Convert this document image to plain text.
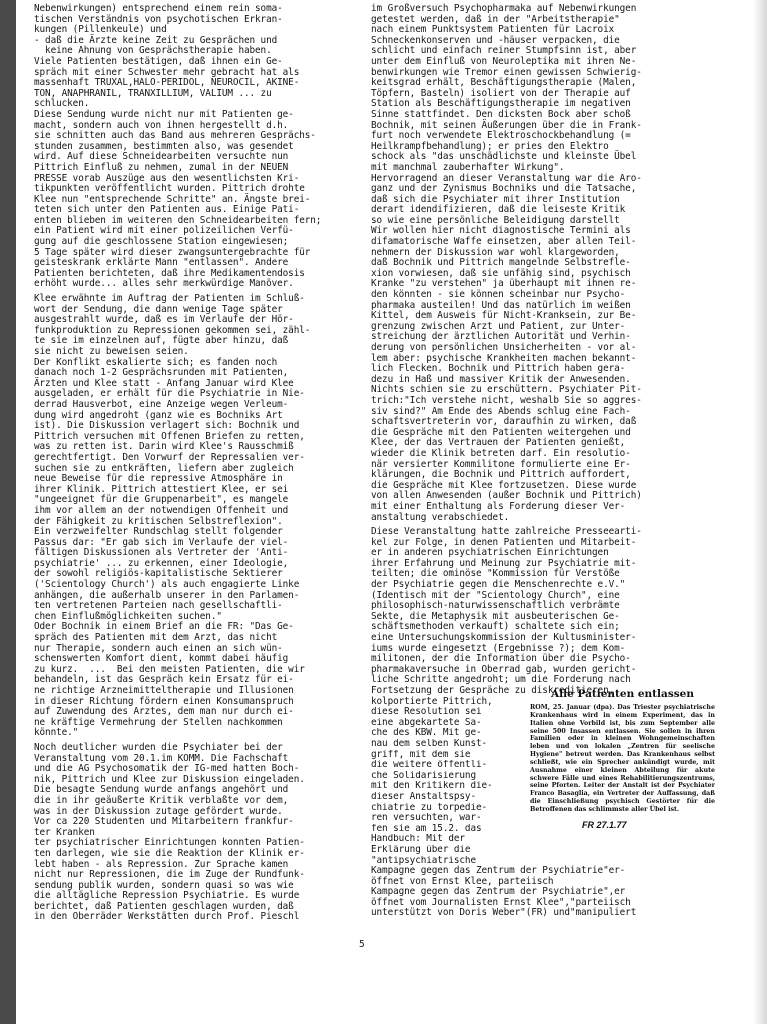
Nebenwirkungen) entsprechend einem rein soma-
tischen Verständnis von psychotischen Erkran-
kungen (Pillenkeule) und
- daß die Ärzte keine Zeit zu Gesprächen und
keine Ahnung von Gesprächstherapie haben.
Viele Patienten bestätigen, daß ihnen ein Ge-
spräch mit einer Schwester mehr gebracht hat als
massenhaft TRUXAL,HALO-PERIDOL, NEUROCIL, AKINE-
TON, ANAPHRANIL, TRANXILLIUM, VALIUM ... zu
schlucken.
Diese Sendung wurde nicht nur mit Patienten ge-
macht, sondern auch von ihnen hergestellt d.h.
sie schnitten auch das Band aus mehreren Gesprächs-
stunden zusammen, bestimmten also, was gesendet
wird. Auf diese Schneidearbeiten versuchte nun
Pittrich Einfluß zu nehmen, zumal in der NEUEN
PRESSE vorab Auszüge aus den wesentlichsten Kri-
tikpunkten veröffentlicht wurden. Pittrich drohte
Klee nun "entsprechende Schritte" an. Ängste brei-
teten sich unter den Patienten aus. Einige Pati-
enten blieben im weiteren den Schneidearbeiten fern;
ein Patient wird mit einer polizeilichen Verfü-
gung auf die geschlossene Station eingewiesen;
5 Tage später wird dieser zwangsuntergebrachte für
geisteskrank erklärte Mann "entlassen". Andere
Patienten berichteten, daß ihre Medikamentendosis
erhöht wurde... alles sehr merkwürdige Manöver.
Klee erwähnte im Auftrag der Patienten im Schluß-
wort der Sendung, die dann wenige Tage später
ausgestrahlt wurde, daß es im Verlaufe der Hör-
funkproduktion zu Repressionen gekommen sei, zähl-
te sie im einzelnen auf, fügte aber hinzu, daß
sie nicht zu beweisen seien.
Der Konflikt eskalierte sich; es fanden noch
danach noch 1-2 Gesprächsrunden mit Patienten,
Ärzten und Klee statt - Anfang Januar wird Klee
ausgeladen, er erhält für die Psychiatrie in Nie-
derrad Hausverbot, eine Anzeige wegen Verleum-
dung wird angedroht (ganz wie es Bochniks Art
ist). Die Diskussion verlagert sich: Bochnik und
Pittrich versuchen mit Offenen Briefen zu retten,
was zu retten ist. Darin wird Klee's Rausschmiß
gerechtfertigt. Den Vorwurf der Repressalien ver-
suchen sie zu entkräften, liefern aber zugleich
neue Beweise für die repressive Atmosphäre in
ihrer Klinik. Pittrich attestiert Klee, er sei
"ungeeignet für die Gruppenarbeit", es mangele
ihm vor allem an der notwendigen Offenheit und
der Fähigkeit zu kritischen Selbstreflexion".
Ein verzweifelter Rundschlag stellt folgender
Passus dar: "Er gab sich im Verlaufe der viel-
fältigen Diskussionen als Vertreter der 'Anti-
psychiatrie' ... zu erkennen, einer Ideologie,
der sowohl religiös-kapitalistische Sektierer
('Scientology Church') als auch engagierte Linke
anhängen, die außerhalb unserer in den Parlamen-
ten vertretenen Parteien nach gesellschaftli-
chen Einflußmöglichkeiten suchen."
Oder Bochnik in einem Brief an die FR: "Das Ge-
spräch des Patienten mit dem Arzt, das nicht
nur Therapie, sondern auch einen an sich wün-
schenswerten Komfort dient, kommt dabei häufig
zu kurz.  ...  Bei den meisten Patienten, die wir
behandeln, ist das Gespräch kein Ersatz für ei-
ne richtige Arzneimitteltherapie und Illusionen
in dieser Richtung fördern einen Konsumanspruch
auf Zuwendung des Arztes, dem man nur durch ei-
ne kräftige Vermehrung der Stellen nachkommen
könnte."
Noch deutlicher wurden die Psychiater bei der
Veranstaltung vom 20.1.im KOMM. Die Fachschaft
und die AG Psychosomatik der IG-med hatten Boch-
nik, Pittrich und Klee zur Diskussion eingeladen.
Die besagte Sendung wurde anfangs angehört und
die in ihr geäußerte Kritik verblaßte vor dem,
was in der Diskussion zutage gefördert wurde.
Vor ca 220 Studenten und Mitarbeitern frankfur-
ter Kranken
ter psychiatrischer Einrichtungen konnten Patien-
ten darlegen, wie sie die Reaktion der Klinik er-
lebt haben - als Repression. Zur Sprache kamen
nicht nur Repressionen, die im Zuge der Rundfunk-
sendung publik wurden, sondern quasi so was wie
die alltägliche Repression Psychiatrie. Es wurde
berichtet, daß Patienten geschlagen wurden, daß
in den Oberräder Werkstätten durch Prof. Pieschl
im Großversuch Psychopharmaka auf Nebenwirkungen
getestet werden, daß in der "Arbeitstherapie"
nach einem Punktsystem Patienten für Lacroix
Schneckenkonserven und -häuser verpacken, die
schlicht und einfach reiner Stumpfsinn ist, aber
unter dem Einfluß von Neuroleptika mit ihren Ne-
benwirkungen wie Tremor einen gewissen Schwierig-
keitsgrad erhält, Beschäftigungstherapie (Malen,
Töpfern, Basteln) isoliert von der Therapie auf
Station als Beschäftigungstherapie im negativen
Sinne stattfindet. Den dicksten Bock aber schoß
Bochnik, mit seinen Äußerungen über die in Frank-
furt noch verwendete Elektroschockbehandlung (=
Heilkrampfbehandlung); er pries den Elektro
schock als "das unschädlichste und kleinste Übel
mit manchmal zauberhafter Wirkung".
Hervorragend an dieser Veranstaltung war die Aro-
ganz und der Zynismus Bochniks und die Tatsache,
daß sich die Psychiater mit ihrer Institution
derart idendifizieren, daß die leiseste Kritik
so wie eine persönliche Beleidigung darstellt
Wir wollen hier nicht diagnostische Termini als
difamatorische Waffe einsetzen, aber allen Teil-
nehmern der Diskussion war wohl klargeworden,
daß Bochnik und Pittrich mangelnde Selbstrefle-
xion vorwiesen, daß sie unfähig sind, psychisch
Kranke "zu verstehen" ja überhaupt mit ihnen re-
den könnten - sie können scheinbar nur Psycho-
pharmaka austeilen! Und das natürlich im weißen
Kittel, dem Ausweis für Nicht-Kranksein, zur Be-
grenzung zwischen Arzt und Patient, zur Unter-
streichung der ärztlichen Autorität und Verhin-
derung von persönlichen Unsicherheiten - vor al-
lem aber: psychische Krankheiten machen bekannt-
lich Flecken. Bochnik und Pittrich haben gera-
dezu in Haß und massiver Kritik der Anwesenden.
Nichts schien sie zu erschüttern. Psychiater Pit-
trich:"Ich verstehe nicht, weshalb Sie so aggres-
siv sind?" Am Ende des Abends schlug eine Fach-
schaftsvertreterin vor, daraufhin zu wirken, daß
die Gespräche mit den Patienten weitergehen und
Klee, der das Vertrauen der Patienten genießt,
wieder die Klinik betreten darf. Ein resolutio-
när versierter Kommilitone formulierte eine Er-
klärungen, die Bochnik und Pittrich auffordert,
die Gespräche mit Klee fortzusetzen. Diese wurde
von allen Anwesenden (außer Bochnik und Pittrich)
mit einer Enthaltung als Forderung dieser Ver-
anstaltung verabschiedet.
Diese Veranstaltung hatte zahlreiche Presseearti-
kel zur Folge, in denen Patienten und Mitarbeit-
er in anderen psychiatrischen Einrichtungen
ihrer Erfahrung und Meinung zur Psychiatrie mit-
teilten; die ominöse "Kommission für Verstöße
der Psychiatrie gegen die Menschenrechte e.V."
(Identisch mit der "Scientology Church", eine
philosophisch-naturwissenschaftlich verbrämte
Sekte, die Metaphysik mit ausbeuterischen Ge-
schäftsmethoden verkauft) schaltete sich ein;
eine Untersuchungskommission der Kultusminister-
iums wurde eingesetzt (Ergebnisse ?); dem Kom-
militonen, der die Information über die Psycho-
pharmakaversuche in Oberrad gab, wurden gericht-
liche Schritte angedroht; um die Forderung nach
Fortsetzung der Gespräche zu diskreditieren,
kolportierte Pittrich,
diese Resolution sei
eine abgekartete Sa-
che des KBW. Mit ge-
nau dem selben Kunst-
griff, mit dem sie
die weitere öffentli-
che Solidarisierung
mit den Kritikern die-
dieser Anstaltspsy-
chiatrie zu torpedie-
ren versuchten, war-
fen sie am 15.2. das
Handbuch: Mit der
Erklärung über die
"antipsychiatrische
Kampagne gegen das Zentrum der Psychiatrie"er-
öffnet von Ernst Klee, parteiisch
Kampagne gegen das Zentrum der Psychiatrie",er
öffnet vom Journalisten Ernst Klee","parteiisch
unterstützt von Doris Weber"(FR) und"manipuliert
Alle Patienten entlassen
ROM, 25. Januar (dpa). Das Triester psychiatrische Krankenhaus wird in einem Experiment, das in Italien ohne Vorbild ist, bis zum September alle seine 500 Insassen entlassen. Sie sollen in ihren Familien oder in kleinen Wohngemeinschaften leben und von lokalen „Zentren für seelische Hygiene" betreut werden. Das Krankenhaus selbst schließt, wie ein Sprecher ankündigt wurde, mit Ausnahme einer kleinen Abteilung für akute schwere Fälle und eines Rehabilitierungszentrums, seine Pforten. Leiter der Anstalt ist der Psychiater Franco Basaglia, ein Vertreter der Auffassung, daß die Einschließung psychisch Gestörter für die Betroffenen das schlimmste aller Übel ist.
FR 27.1.77
5
